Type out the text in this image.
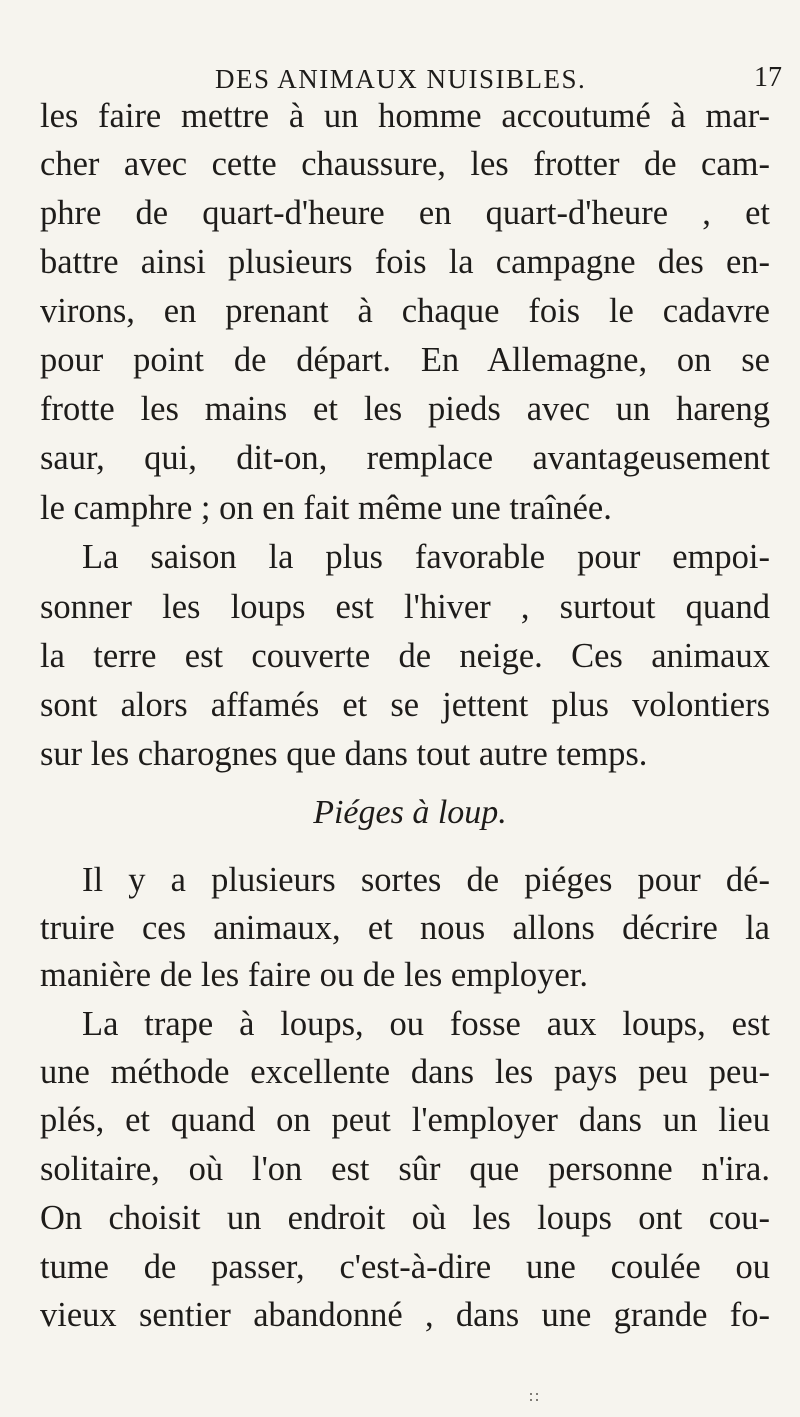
DES ANIMAUX NUISIBLES.	17
les faire mettre à un homme accoutumé à mar-
cher avec cette chaussure, les frotter de cam-
phre de quart-d'heure en quart-d'heure , et
battre ainsi plusieurs fois la campagne des en-
virons, en prenant à chaque fois le cadavre
pour point de départ. En Allemagne, on se
frotte les mains et les pieds avec un hareng
saur, qui, dit-on, remplace avantageusement
le camphre ; on en fait même une traînée.
La saison la plus favorable pour empoi-
sonner les loups est l'hiver , surtout quand
la terre est couverte de neige. Ces animaux
sont alors affamés et se jettent plus volontiers
sur les charognes que dans tout autre temps.
Piéges à loup.
Il y a plusieurs sortes de piéges pour dé-
truire ces animaux, et nous allons décrire la
manière de les faire ou de les employer.
La trape à loups, ou fosse aux loups, est
une méthode excellente dans les pays peu peu-
plés, et quand on peut l'employer dans un lieu
solitaire, où l'on est sûr que personne n'ira.
On choisit un endroit où les loups ont cou-
tume de passer, c'est-à-dire une coulée ou
vieux sentier abandonné , dans une grande fo-
